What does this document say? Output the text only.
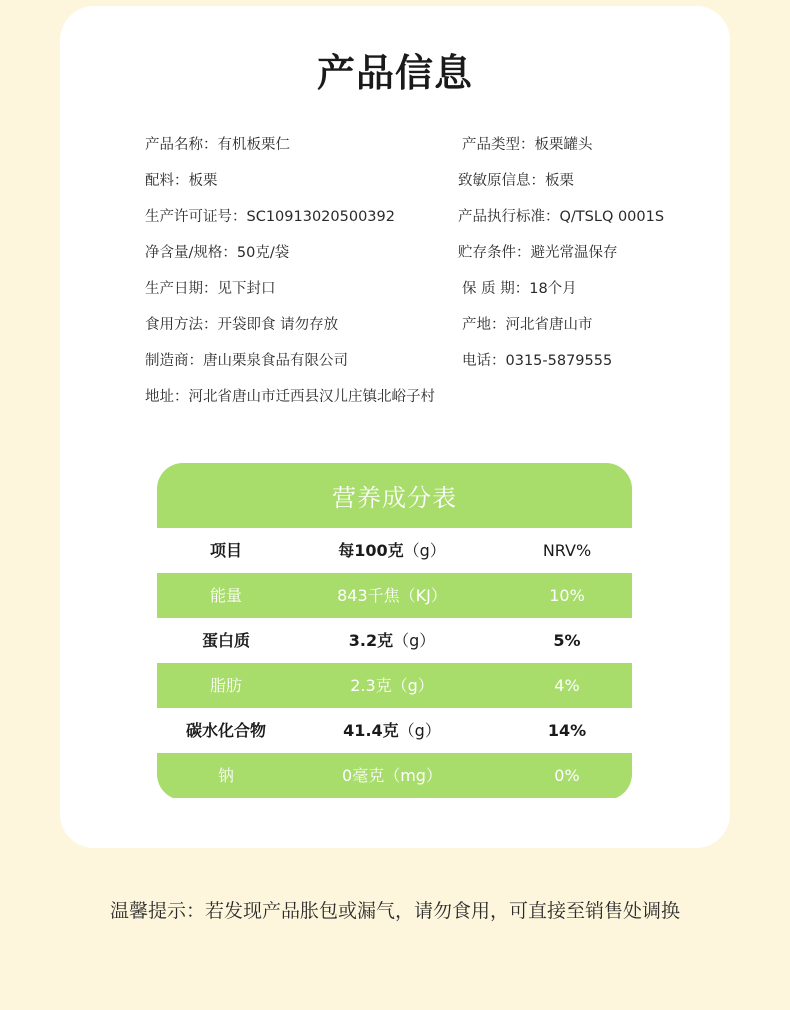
产品信息
产品名称：有机板栗仁
配料：板栗
生产许可证号：SC10913020500392
净含量/规格：50克/袋
生产日期：见下封口
食用方法：开袋即食 请勿存放
制造商：唐山栗泉食品有限公司
地址：河北省唐山市迁西县汉儿庄镇北峪子村
产品类型：板栗罐头
致敏原信息：板栗
产品执行标准：Q/TSLQ 0001S
贮存条件：避光常温保存
保 质 期：18个月
产地：河北省唐山市
电话：0315-5879555
营养成分表
项目	每100克（g）	NRV%
能量	843千焦（KJ）	10%
蛋白质	3.2克（g）	5%
脂肪	2.3克（g）	4%
碳水化合物	41.4克（g）	14%
钠	0毫克（mg）	0%
温馨提示：若发现产品胀包或漏气，请勿食用，可直接至销售处调换
